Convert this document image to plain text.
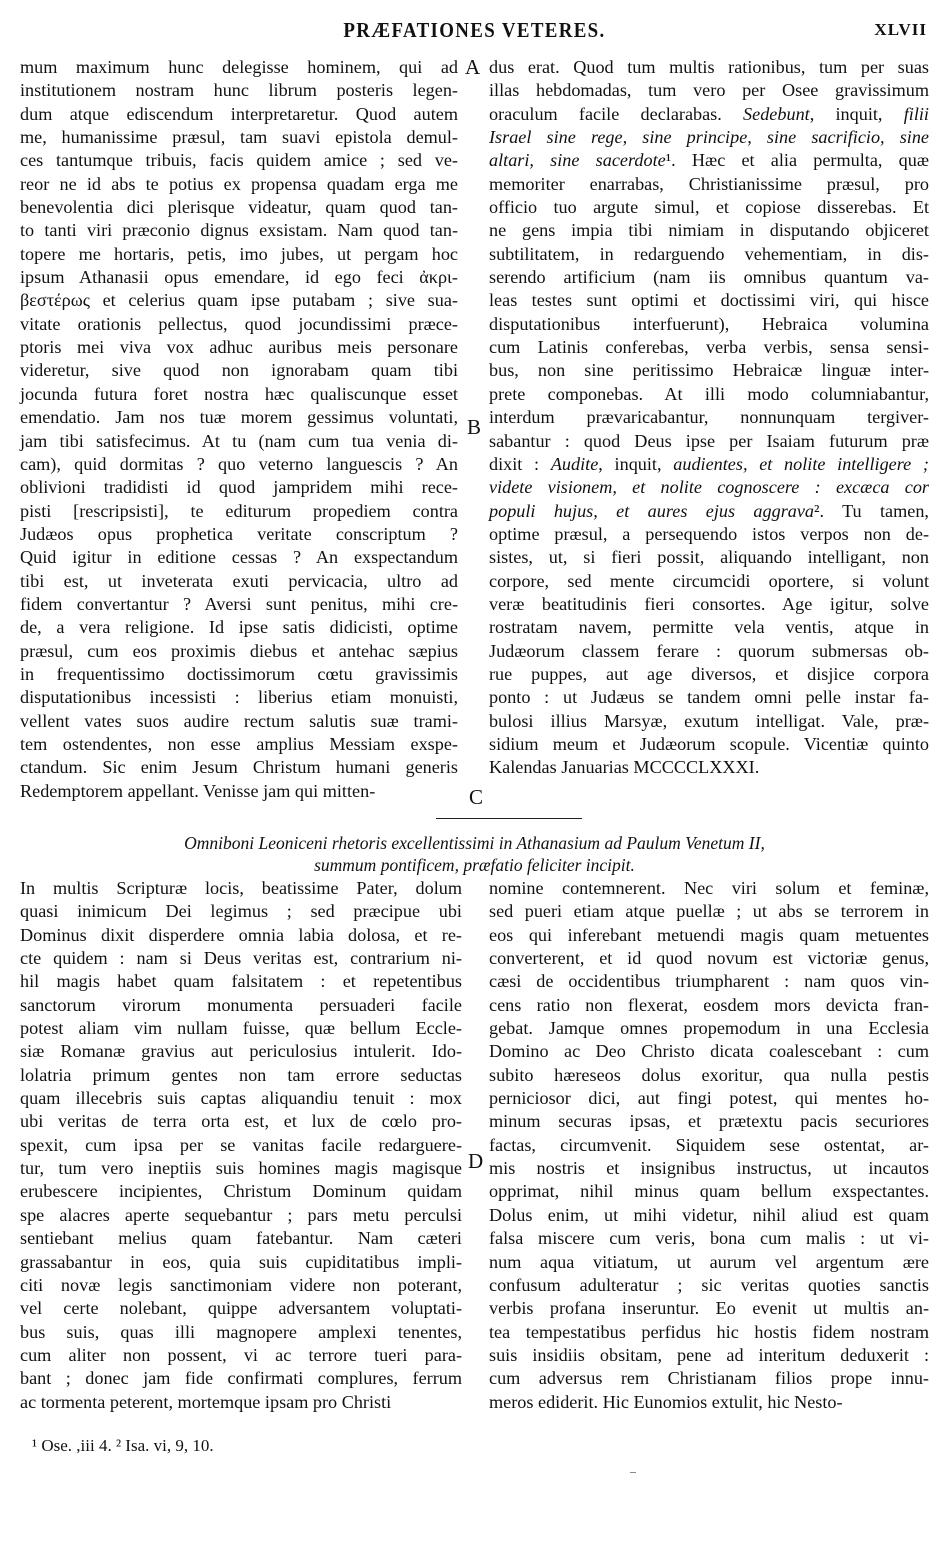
PRÆFATIONES VETERES.	XLVII
mum maximum hunc delegisse hominem, qui ad
institutionem nostram hunc librum posteris legen-
dum atque ediscendum interpretaretur. Quod autem
me, humanissime præsul, tam suavi epistola demul-
ces tantumque tribuis, facis quidem amice ; sed ve-
reor ne id abs te potius ex propensa quadam erga me
benevolentia dici plerisque videatur, quam quod tan-
to tanti viri præconio dignus exsistam. Nam quod tan-
topere me hortaris, petis, imo jubes, ut pergam hoc
ipsum Athanasii opus emendare, id ego feci ἀκρι-
βεστέρως et celerius quam ipse putabam ; sive sua-
vitate orationis pellectus, quod jocundissimi præce-
ptoris mei viva vox adhuc auribus meis personare
videretur, sive quod non ignorabam quam tibi
jocunda futura foret nostra hæc qualiscunque esset
emendatio. Jam nos tuæ morem gessimus voluntati,
jam tibi satisfecimus. At tu (nam cum tua venia di-
cam), quid dormitas ? quo veterno languescis ? An
oblivioni tradidisti id quod jampridem mihi rece-
pisti [rescripsisti], te editurum propediem contra
Judæos opus prophetica veritate conscriptum ?
Quid igitur in editione cessas ? An exspectandum
tibi est, ut inveterata exuti pervicacia, ultro ad
fidem convertantur ? Aversi sunt penitus, mihi cre-
de, a vera religione. Id ipse satis didicisti, optime
præsul, cum eos proximis diebus et antehac sæpius
in frequentissimo doctissimorum cœtu gravissimis
disputationibus incessisti : liberius etiam monuisti,
vellent vates suos audire rectum salutis suæ trami-
tem ostendentes, non esse amplius Messiam exspe-
ctandum. Sic enim Jesum Christum humani generis
Redemptorem appellant. Venisse jam qui mitten-
dus erat. Quod tum multis rationibus, tum per suas
illas hebdomadas, tum vero per Osee gravissimum
oraculum facile declarabas. Sedebunt, inquit, filii
Israel sine rege, sine principe, sine sacrificio, sine
altari, sine sacerdote¹. Hæc et alia permulta, quæ
memoriter enarrabas, Christianissime præsul, pro
officio tuo argute simul, et copiose disserebas. Et
ne gens impia tibi nimiam in disputando objiceret
subtilitatem, in redarguendo vehementiam, in dis-
serendo artificium (nam iis omnibus quantum va-
leas testes sunt optimi et doctissimi viri, qui hisce
disputationibus interfuerunt), Hebraica volumina
cum Latinis conferebas, verba verbis, sensa sensi-
bus, non sine peritissimo Hebraicæ linguæ inter-
prete componebas. At illi modo columniabantur,
interdum prævaricabantur, nonnunquam tergiver-
sabantur : quod Deus ipse per Isaiam futurum præ
dixit : Audite, inquit, audientes, et nolite intelligere ;
videte visionem, et nolite cognoscere : excæca cor
populi hujus, et aures ejus aggrava². Tu tamen,
optime præsul, a persequendo istos verpos non de-
sistes, ut, si fieri possit, aliquando intelligant, non
corpore, sed mente circumcidi oportere, si volunt
veræ beatitudinis fieri consortes. Age igitur, solve
rostratam navem, permitte vela ventis, atque in
Judæorum classem ferare : quorum submersas ob-
rue puppes, aut age diversos, et disjice corpora
ponto : ut Judæus se tandem omni pelle instar fa-
bulosi illius Marsyæ, exutum intelligat. Vale, præ-
sidium meum et Judæorum scopule. Vicentiæ quinto
Kalendas Januarias MCCCCLXXXI.
A
B
C
D
Omniboni Leoniceni rhetoris excellentissimi in Athanasium ad Paulum Venetum II,
summum pontificem, præfatio feliciter incipit.
In multis Scripturæ locis, beatissime Pater, dolum
quasi inimicum Dei legimus ; sed præcipue ubi
Dominus dixit disperdere omnia labia dolosa, et re-
cte quidem : nam si Deus veritas est, contrarium ni-
hil magis habet quam falsitatem : et repetentibus
sanctorum virorum monumenta persuaderi facile
potest aliam vim nullam fuisse, quæ bellum Eccle-
siæ Romanæ gravius aut periculosius intulerit. Ido-
lolatria primum gentes non tam errore seductas
quam illecebris suis captas aliquandiu tenuit : mox
ubi veritas de terra orta est, et lux de cœlo pro-
spexit, cum ipsa per se vanitas facile redarguere-
tur, tum vero ineptiis suis homines magis magisque
erubescere incipientes, Christum Dominum quidam
spe alacres aperte sequebantur ; pars metu perculsi
sentiebant melius quam fatebantur. Nam cæteri
grassabantur in eos, quia suis cupiditatibus impli-
citi novæ legis sanctimoniam videre non poterant,
vel certe nolebant, quippe adversantem voluptati-
bus suis, quas illi magnopere amplexi tenentes,
cum aliter non possent, vi ac terrore tueri para-
bant ; donec jam fide confirmati complures, ferrum
ac tormenta peterent, mortemque ipsam pro Christi
nomine contemnerent. Nec viri solum et feminæ,
sed pueri etiam atque puellæ ; ut abs se terrorem in
eos qui inferebant metuendi magis quam metuentes
converterent, et id quod novum est victoriæ genus,
cæsi de occidentibus triumpharent : nam quos vin-
cens ratio non flexerat, eosdem mors devicta fran-
gebat. Jamque omnes propemodum in una Ecclesia
Domino ac Deo Christo dicata coalescebant : cum
subito hæreseos dolus exoritur, qua nulla pestis
perniciosor dici, aut fingi potest, qui mentes ho-
minum securas ipsas, et prætextu pacis securiores
factas, circumvenit. Siquidem sese ostentat, ar-
mis nostris et insignibus instructus, ut incautos
opprimat, nihil minus quam bellum exspectantes.
Dolus enim, ut mihi videtur, nihil aliud est quam
falsa miscere cum veris, bona cum malis : ut vi-
num aqua vitiatum, ut aurum vel argentum ære
confusum adulteratur ; sic veritas quoties sanctis
verbis profana inseruntur. Eo evenit ut multis an-
tea tempestatibus perfidus hic hostis fidem nostram
suis insidiis obsitam, pene ad interitum deduxerit :
cum adversus rem Christianam filios prope innu-
meros ediderit. Hic Eunomios extulit, hic Nesto-
¹ Ose. ,iii 4. ² Isa. vi, 9, 10.
